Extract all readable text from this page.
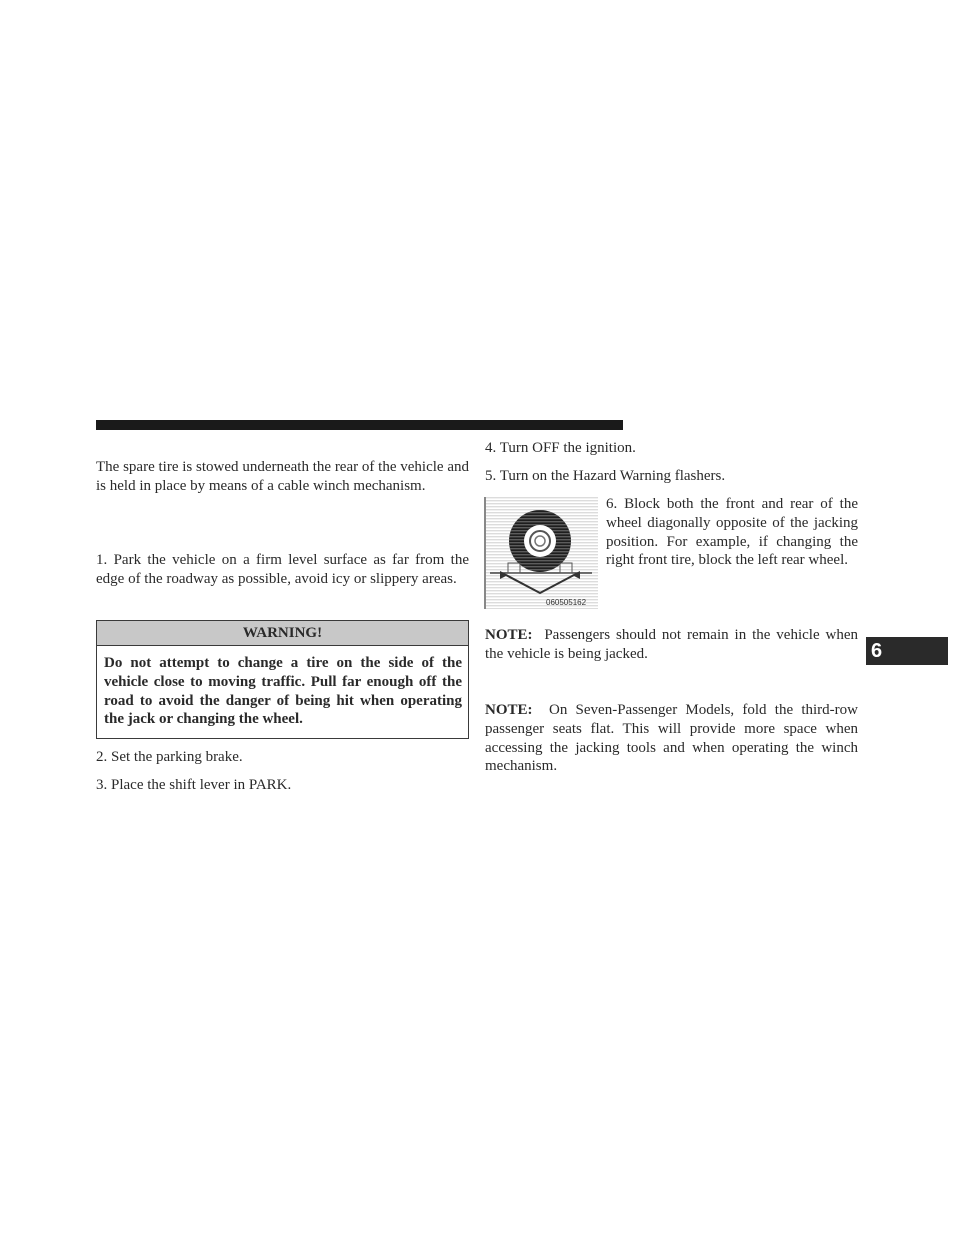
The spare tire is stowed underneath the rear of the vehicle and is held in place by means of a cable winch mechanism.

1. Park the vehicle on a firm level surface as far from the edge of the roadway as possible, avoid icy or slippery areas.

WARNING!
Do not attempt to change a tire on the side of the vehicle close to moving traffic. Pull far enough off the road to avoid the danger of being hit when operating the jack or changing the wheel.

2. Set the parking brake.

3. Place the shift lever in PARK.

4. Turn OFF the ignition.

5. Turn on the Hazard Warning flashers.

060505162

6. Block both the front and rear of the wheel diagonally opposite of the jacking position. For example, if changing the right front tire, block the left rear wheel.

NOTE: Passengers should not remain in the vehicle when the vehicle is being jacked.

NOTE: On Seven-Passenger Models, fold the third-row passenger seats flat. This will provide more space when accessing the jacking tools and when operating the winch mechanism.

6
